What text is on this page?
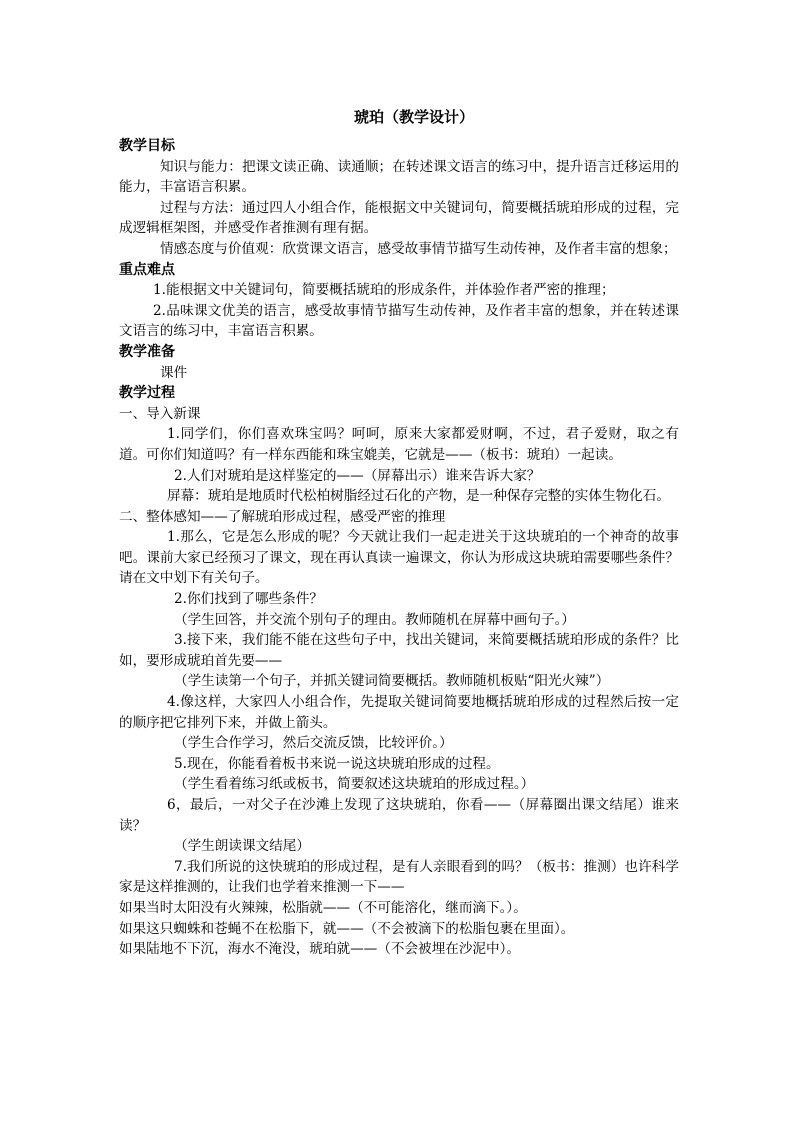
琥珀（教学设计）
教学目标

知识与能力：把课文读正确、读通顺；在转述课文语言的练习中，提升语言迁移运用的能力，丰富语言积累。

过程与方法：通过四人小组合作，能根据文中关键词句，简要概括琥珀形成的过程，完成逻辑框架图，并感受作者推测有理有据。

情感态度与价值观：欣赏课文语言，感受故事情节描写生动传神，及作者丰富的想象；

重点难点

1.能根据文中关键词句，简要概括琥珀的形成条件，并体验作者严密的推理；

2.品味课文优美的语言，感受故事情节描写生动传神，及作者丰富的想象，并在转述课文语言的练习中，丰富语言积累。

教学准备

课件

教学过程

一、导入新课

1.同学们，你们喜欢珠宝吗？呵呵，原来大家都爱财啊，不过，君子爱财，取之有道。可你们知道吗？有一样东西能和珠宝媲美，它就是——（板书：琥珀）一起读。

2.人们对琥珀是这样鉴定的——（屏幕出示）谁来告诉大家？

屏幕：琥珀是地质时代松柏树脂经过石化的产物，是一种保存完整的实体生物化石。

二、整体感知——了解琥珀形成过程，感受严密的推理

1.那么，它是怎么形成的呢？今天就让我们一起走进关于这块琥珀的一个神奇的故事吧。课前大家已经预习了课文，现在再认真读一遍课文，你认为形成这块琥珀需要哪些条件？请在文中划下有关句子。

2.你们找到了哪些条件？

（学生回答，并交流个别句子的理由。教师随机在屏幕中画句子。）

3.接下来，我们能不能在这些句子中，找出关键词，来简要概括琥珀形成的条件？比如，要形成琥珀首先要——

（学生读第一个句子，并抓关键词简要概括。教师随机板贴“阳光火辣”）

4.像这样，大家四人小组合作，先提取关键词简要地概括琥珀形成的过程然后按一定的顺序把它排列下来，并做上箭头。

（学生合作学习，然后交流反馈，比较评价。）

5.现在，你能看着板书来说一说这块琥珀形成的过程。

（学生看着练习纸或板书，简要叙述这块琥珀的形成过程。）

6，最后，一对父子在沙滩上发现了这块琥珀，你看——（屏幕圈出课文结尾）谁来读？

（学生朗读课文结尾）

7.我们所说的这快琥珀的形成过程，是有人亲眼看到的吗？（板书：推测）也许科学家是这样推测的，让我们也学着来推测一下——

如果当时太阳没有火辣辣，松脂就——（不可能溶化，继而滴下。）。

如果这只蜘蛛和苍蝇不在松脂下，就——（不会被滴下的松脂包裹在里面）。

如果陆地不下沉，海水不淹没，琥珀就——（不会被埋在沙泥中）。
